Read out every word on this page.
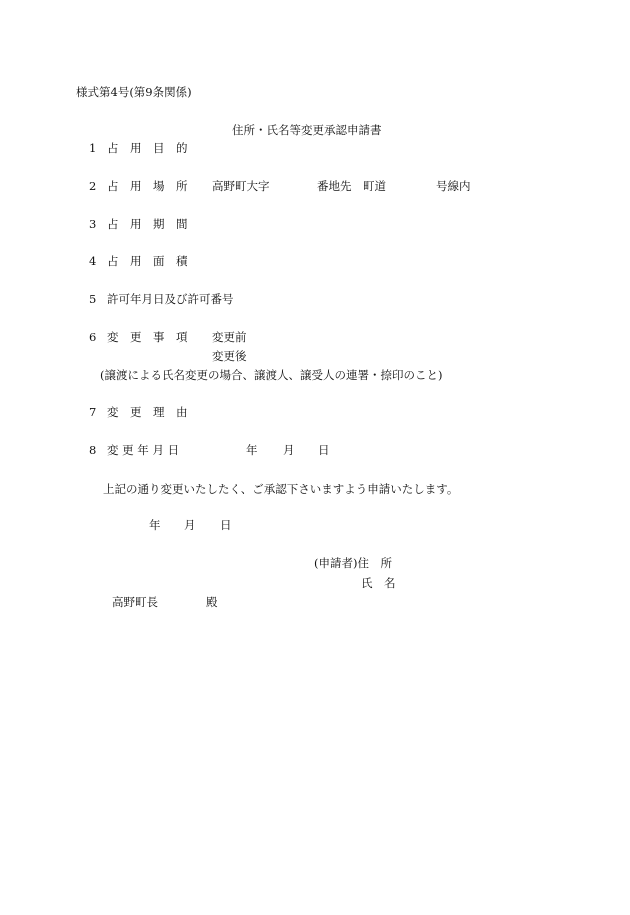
様式第4号(第9条関係)
住所・氏名等変更承認申請書
1 占　用　目　的
2 占　用　場　所 高野町大字	番地先　町道	号線内
3 占　用　期　間
4 占　用　面　積
5 許可年月日及び許可番号
6 変　更　事　項 変更前
変更後
(譲渡による氏名変更の場合、譲渡人、譲受人の連署・捺印のこと)
7 変　更　理　由
8 変 更 年 月 日	年 月 日
上記の通り変更いたしたく、ご承認下さいますよう申請いたします。
年 月 日
(申請者)住　所
氏　名
高野町長	殿
